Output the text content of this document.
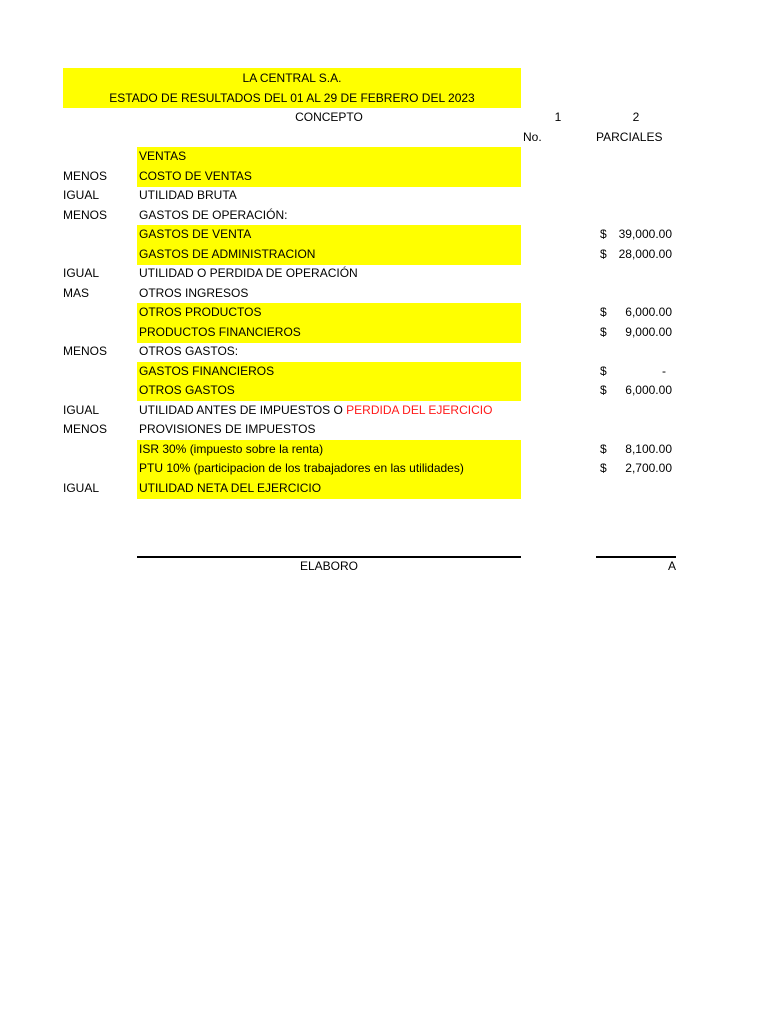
LA CENTRAL S.A.
ESTADO DE RESULTADOS DEL 01 AL 29 DE FEBRERO DEL 2023
CONCEPTO	1	2
No.	PARCIALES
VENTAS
MENOS	COSTO DE VENTAS
IGUAL	UTILIDAD BRUTA
MENOS	GASTOS DE OPERACIÓN:
GASTOS DE VENTA	$ 39,000.00
GASTOS DE ADMINISTRACION	$ 28,000.00
IGUAL	UTILIDAD O PERDIDA DE OPERACIÓN
MAS	OTROS INGRESOS
OTROS PRODUCTOS	$	6,000.00
PRODUCTOS FINANCIEROS	$	9,000.00
MENOS	OTROS GASTOS:
GASTOS FINANCIEROS	$	-
OTROS GASTOS	$	6,000.00
IGUAL	UTILIDAD ANTES DE IMPUESTOS O PERDIDA DEL EJERCICIO
MENOS	PROVISIONES DE IMPUESTOS
ISR 30% (impuesto sobre la renta)	$	8,100.00
PTU 10% (participacion de los trabajadores en las utilidades)	$	2,700.00
IGUAL	UTILIDAD NETA DEL EJERCICIO
ELABORO	A
